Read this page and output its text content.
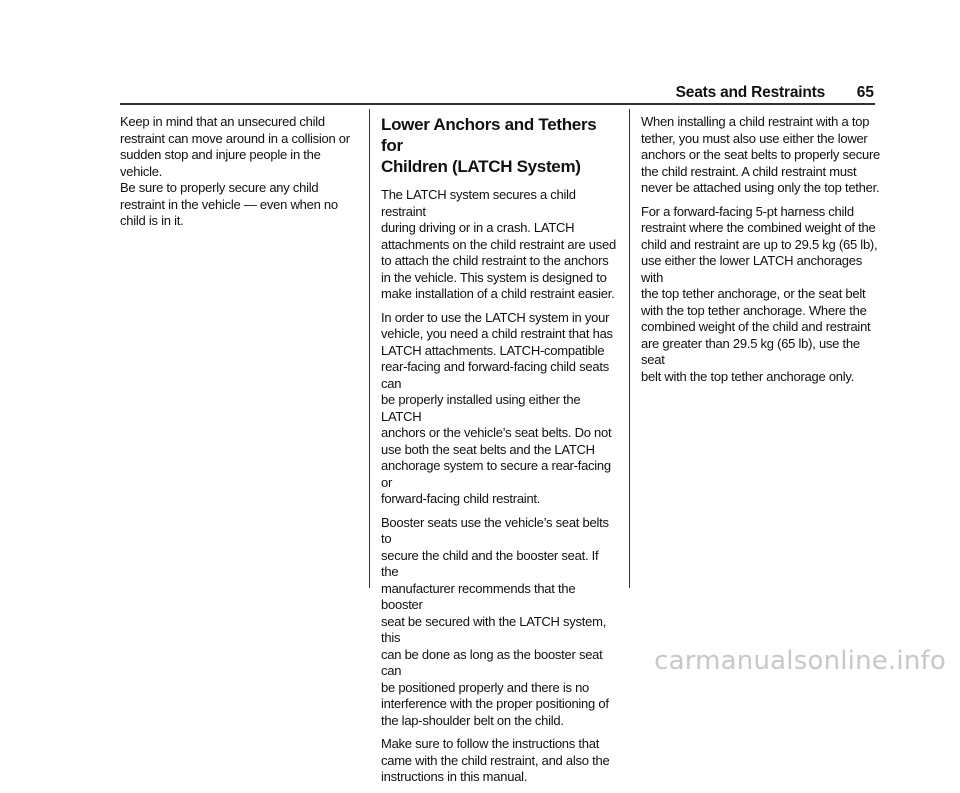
Seats and Restraints 65

Keep in mind that an unsecured child
restraint can move around in a collision or
sudden stop and injure people in the vehicle.
Be sure to properly secure any child
restraint in the vehicle — even when no
child is in it.

Lower Anchors and Tethers for
Children (LATCH System)

The LATCH system secures a child restraint
during driving or in a crash. LATCH
attachments on the child restraint are used
to attach the child restraint to the anchors
in the vehicle. This system is designed to
make installation of a child restraint easier.

In order to use the LATCH system in your
vehicle, you need a child restraint that has
LATCH attachments. LATCH-compatible
rear-facing and forward-facing child seats can
be properly installed using either the LATCH
anchors or the vehicle’s seat belts. Do not
use both the seat belts and the LATCH
anchorage system to secure a rear-facing or
forward-facing child restraint.

Booster seats use the vehicle’s seat belts to
secure the child and the booster seat. If the
manufacturer recommends that the booster
seat be secured with the LATCH system, this
can be done as long as the booster seat can
be positioned properly and there is no
interference with the proper positioning of
the lap-shoulder belt on the child.

Make sure to follow the instructions that
came with the child restraint, and also the
instructions in this manual.

When installing a child restraint with a top
tether, you must also use either the lower
anchors or the seat belts to properly secure
the child restraint. A child restraint must
never be attached using only the top tether.

For a forward-facing 5-pt harness child
restraint where the combined weight of the
child and restraint are up to 29.5 kg (65 lb),
use either the lower LATCH anchorages with
the top tether anchorage, or the seat belt
with the top tether anchorage. Where the
combined weight of the child and restraint
are greater than 29.5 kg (65 lb), use the seat
belt with the top tether anchorage only.

carmanualsonline.info
